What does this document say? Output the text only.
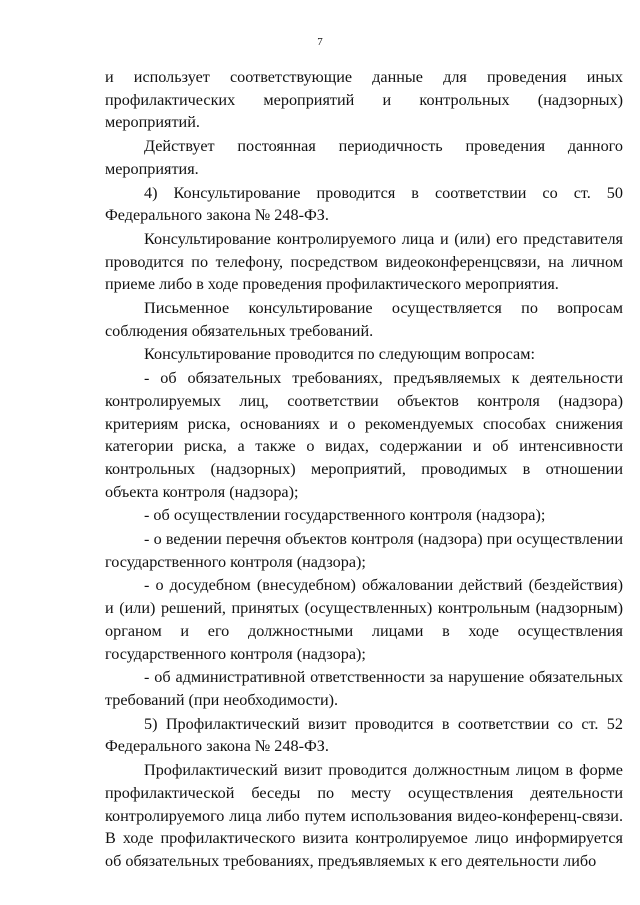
7

и использует соответствующие данные для проведения иных профилактических мероприятий и контрольных (надзорных) мероприятий.

Действует постоянная периодичность проведения данного мероприятия.

4) Консультирование проводится в соответствии со ст. 50 Федерального закона № 248-ФЗ.

Консультирование контролируемого лица и (или) его представителя проводится по телефону, посредством видеоконференцсвязи, на личном приеме либо в ходе проведения профилактического мероприятия.

Письменное консультирование осуществляется по вопросам соблюдения обязательных требований.

Консультирование проводится по следующим вопросам:

- об обязательных требованиях, предъявляемых к деятельности контролируемых лиц, соответствии объектов контроля (надзора) критериям риска, основаниях и о рекомендуемых способах снижения категории риска, а также о видах, содержании и об интенсивности контрольных (надзорных) мероприятий, проводимых в отношении объекта контроля (надзора);

- об осуществлении государственного контроля (надзора);

- о ведении перечня объектов контроля (надзора) при осуществлении государственного контроля (надзора);

- о досудебном (внесудебном) обжаловании действий (бездействия) и (или) решений, принятых (осуществленных) контрольным (надзорным) органом и его должностными лицами в ходе осуществления государственного контроля (надзора);

- об административной ответственности за нарушение обязательных требований (при необходимости).

5) Профилактический визит проводится в соответствии со ст. 52 Федерального закона № 248-ФЗ.

Профилактический визит проводится должностным лицом в форме профилактической беседы по месту осуществления деятельности контролируемого лица либо путем использования видео-конференц-связи. В ходе профилактического визита контролируемое лицо информируется об обязательных требованиях, предъявляемых к его деятельности либо
